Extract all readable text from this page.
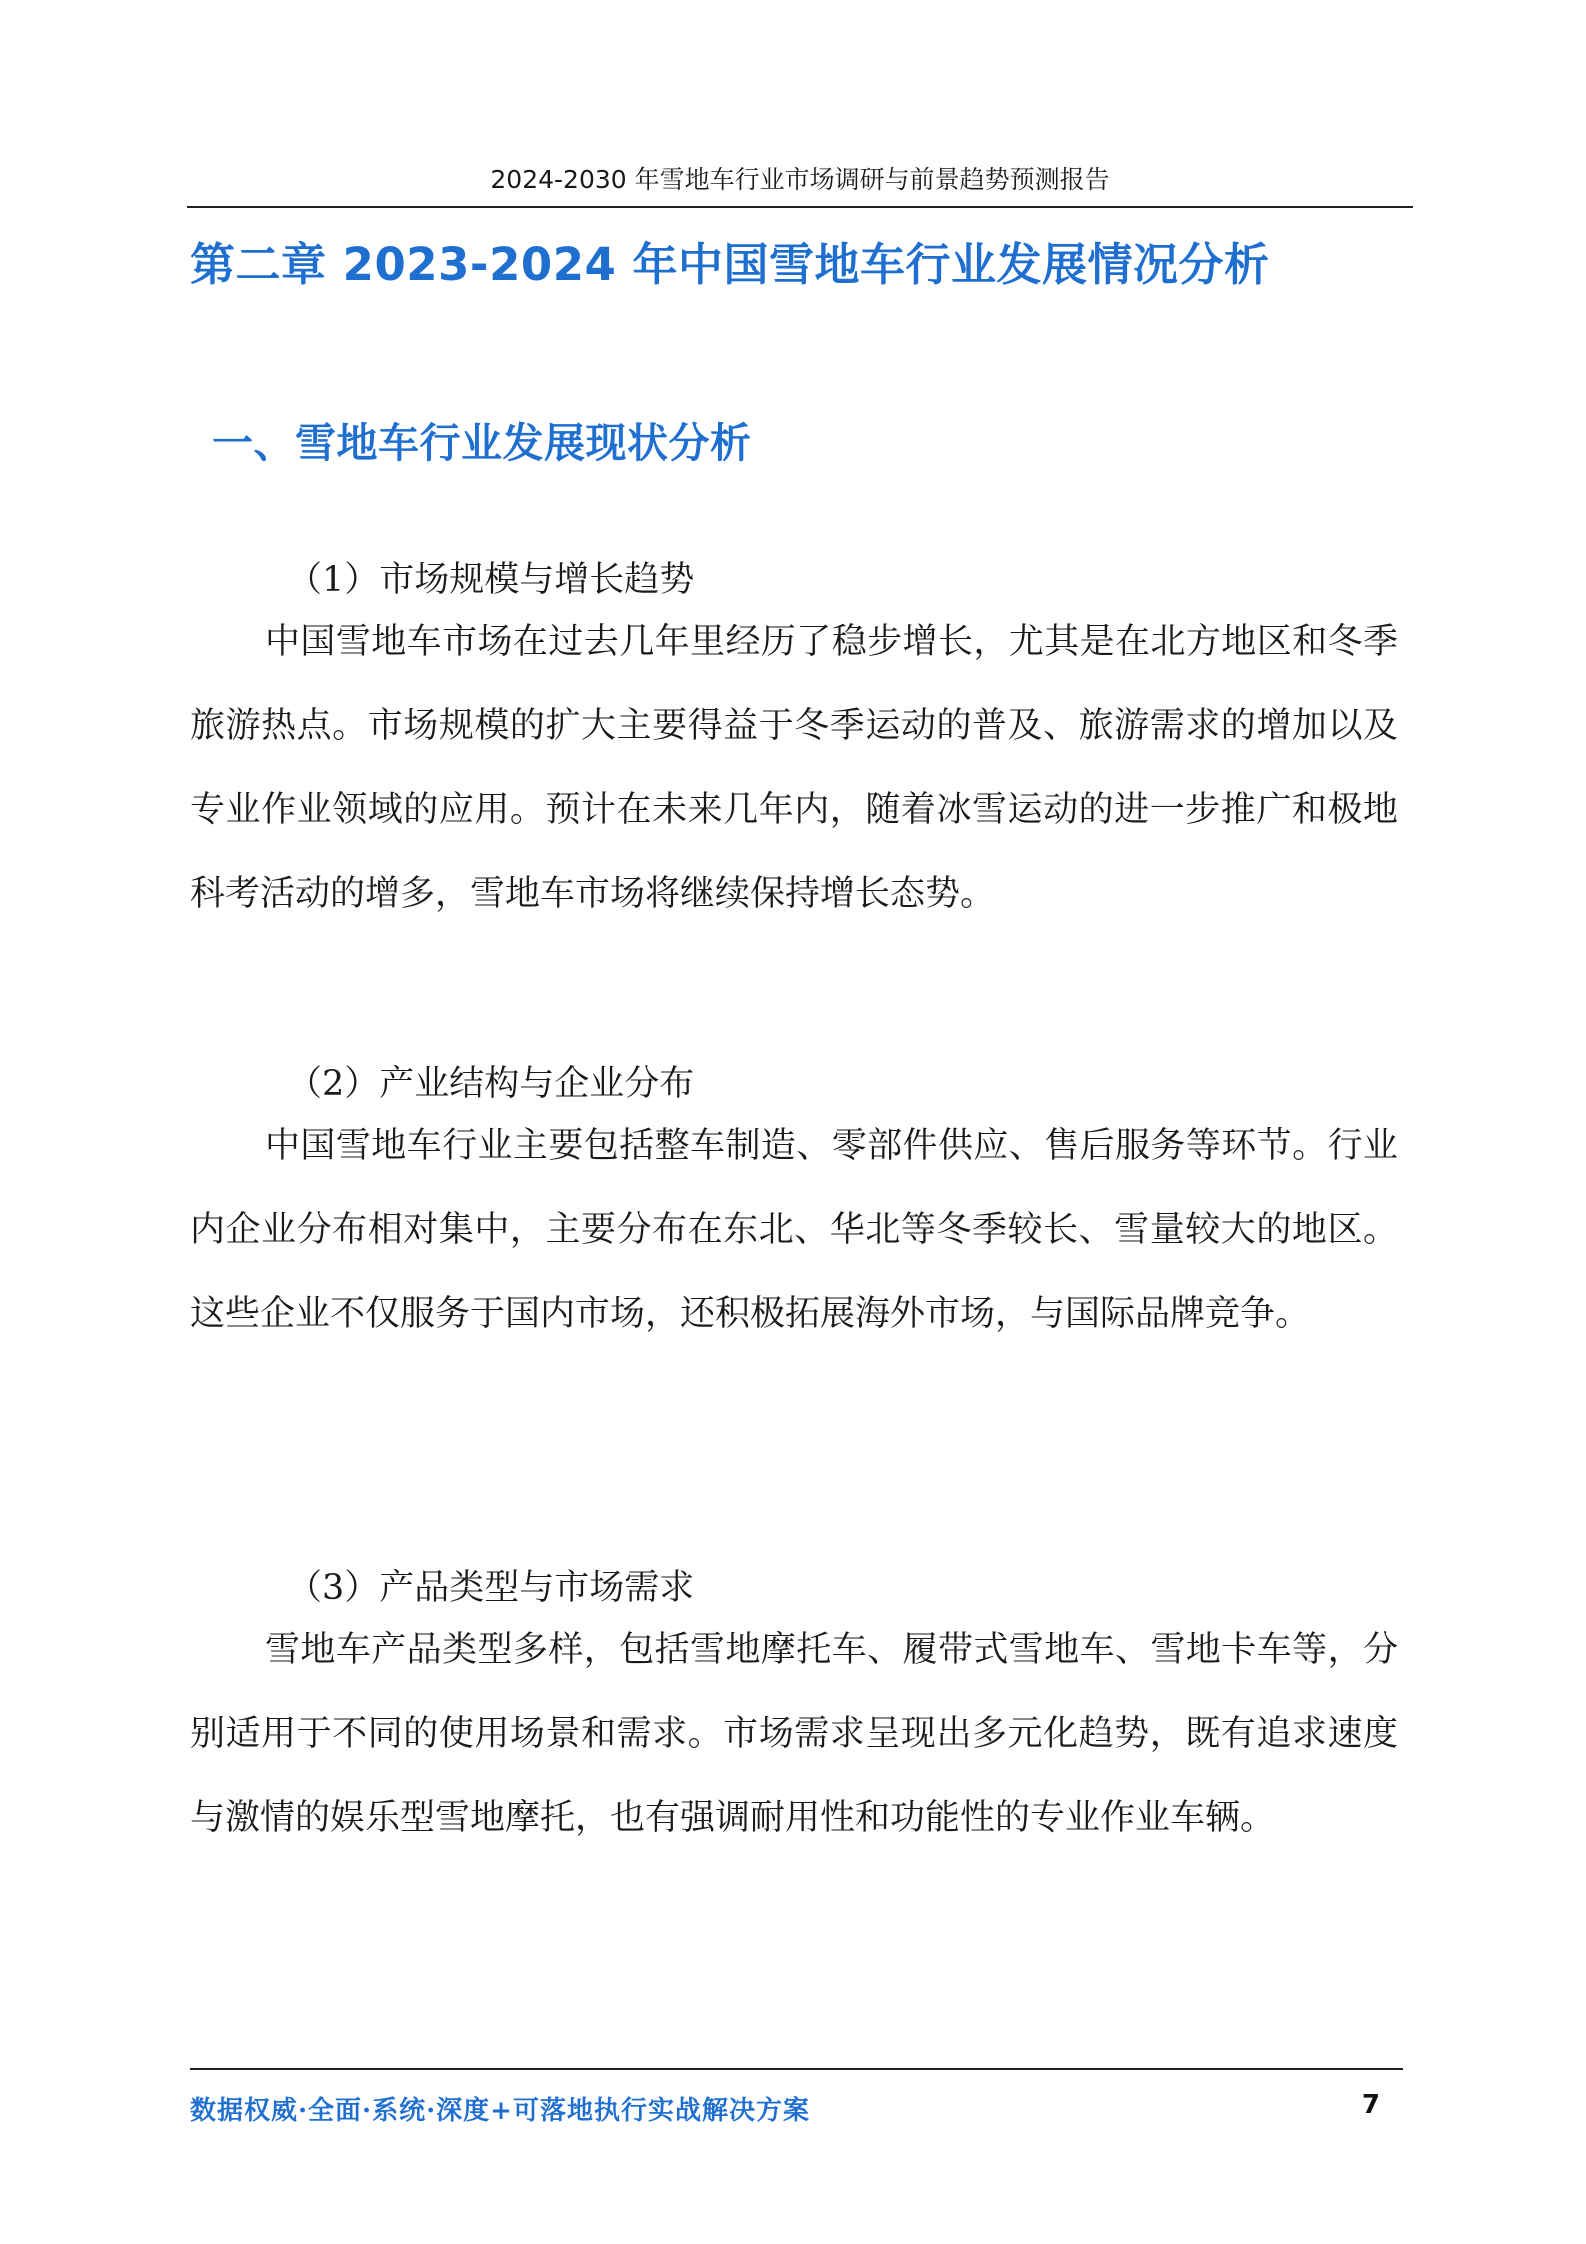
2024-2030 年雪地车行业市场调研与前景趋势预测报告
第二章 2023-2024 年中国雪地车行业发展情况分析
一、雪地车行业发展现状分析
（1）市场规模与增长趋势

中国雪地车市场在过去几年里经历了稳步增长，尤其是在北方地区和冬季旅游热点。市场规模的扩大主要得益于冬季运动的普及、旅游需求的增加以及专业作业领域的应用。预计在未来几年内，随着冰雪运动的进一步推广和极地科考活动的增多，雪地车市场将继续保持增长态势。

（2）产业结构与企业分布

中国雪地车行业主要包括整车制造、零部件供应、售后服务等环节。行业内企业分布相对集中，主要分布在东北、华北等冬季较长、雪量较大的地区。这些企业不仅服务于国内市场，还积极拓展海外市场，与国际品牌竞争。

（3）产品类型与市场需求

雪地车产品类型多样，包括雪地摩托车、履带式雪地车、雪地卡车等，分别适用于不同的使用场景和需求。市场需求呈现出多元化趋势，既有追求速度与激情的娱乐型雪地摩托，也有强调耐用性和功能性的专业作业车辆。

数据权威·全面·系统·深度+可落地执行实战解决方案	7
